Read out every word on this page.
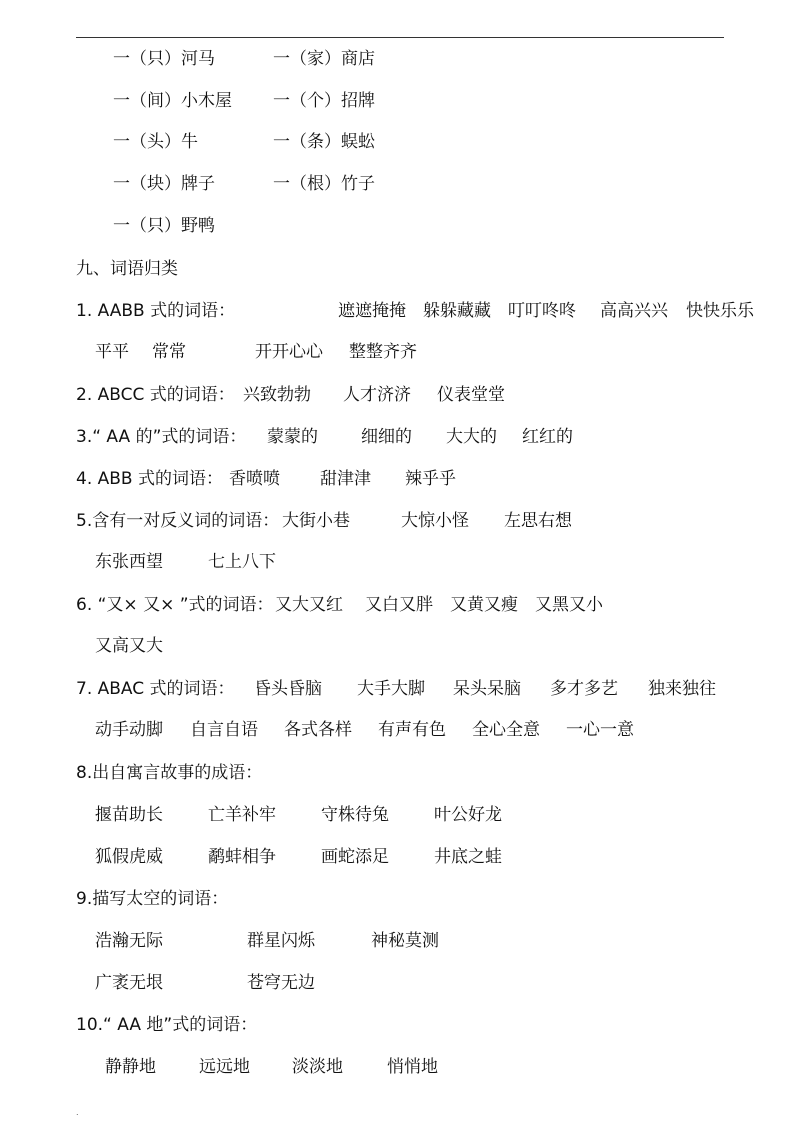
一（只）河马	一（家）商店
一（间）小木屋 一（个）招牌
一（头）牛	一（条）蜈蚣
一（块）牌子	一（根）竹子
一（只）野鸭
九、词语归类
1. AABB 式的词语：	遮遮掩掩 躲躲藏藏 叮叮咚咚 高高兴兴 快快乐乐
平平 常常	开开心心 整整齐齐
2. ABCC 式的词语： 兴致勃勃 人才济济 仪表堂堂
3.“ AA 的”式的词语： 蒙蒙的	细细的 大大的 红红的
4. ABB 式的词语： 香喷喷 甜津津 辣乎乎
5.含有一对反义词的词语： 大街小巷	大惊小怪 左思右想
东张西望	七上八下
6. “又× 又× ”式的词语： 又大又红 又白又胖 又黄又瘦 又黑又小
又高又大
7. ABAC 式的词语： 昏头昏脑 大手大脚 呆头呆脑 多才多艺 独来独往
动手动脚 自言自语 各式各样 有声有色 全心全意 一心一意
8.出自寓言故事的成语：
揠苗助长	亡羊补牢	守株待兔	叶公好龙
狐假虎威	鹬蚌相争	画蛇添足	井底之蛙
9.描写太空的词语：
浩瀚无际	群星闪烁	神秘莫测
广袤无垠	苍穹无边
10.“ AA 地”式的词语：
静静地	远远地 淡淡地	悄悄地
.
